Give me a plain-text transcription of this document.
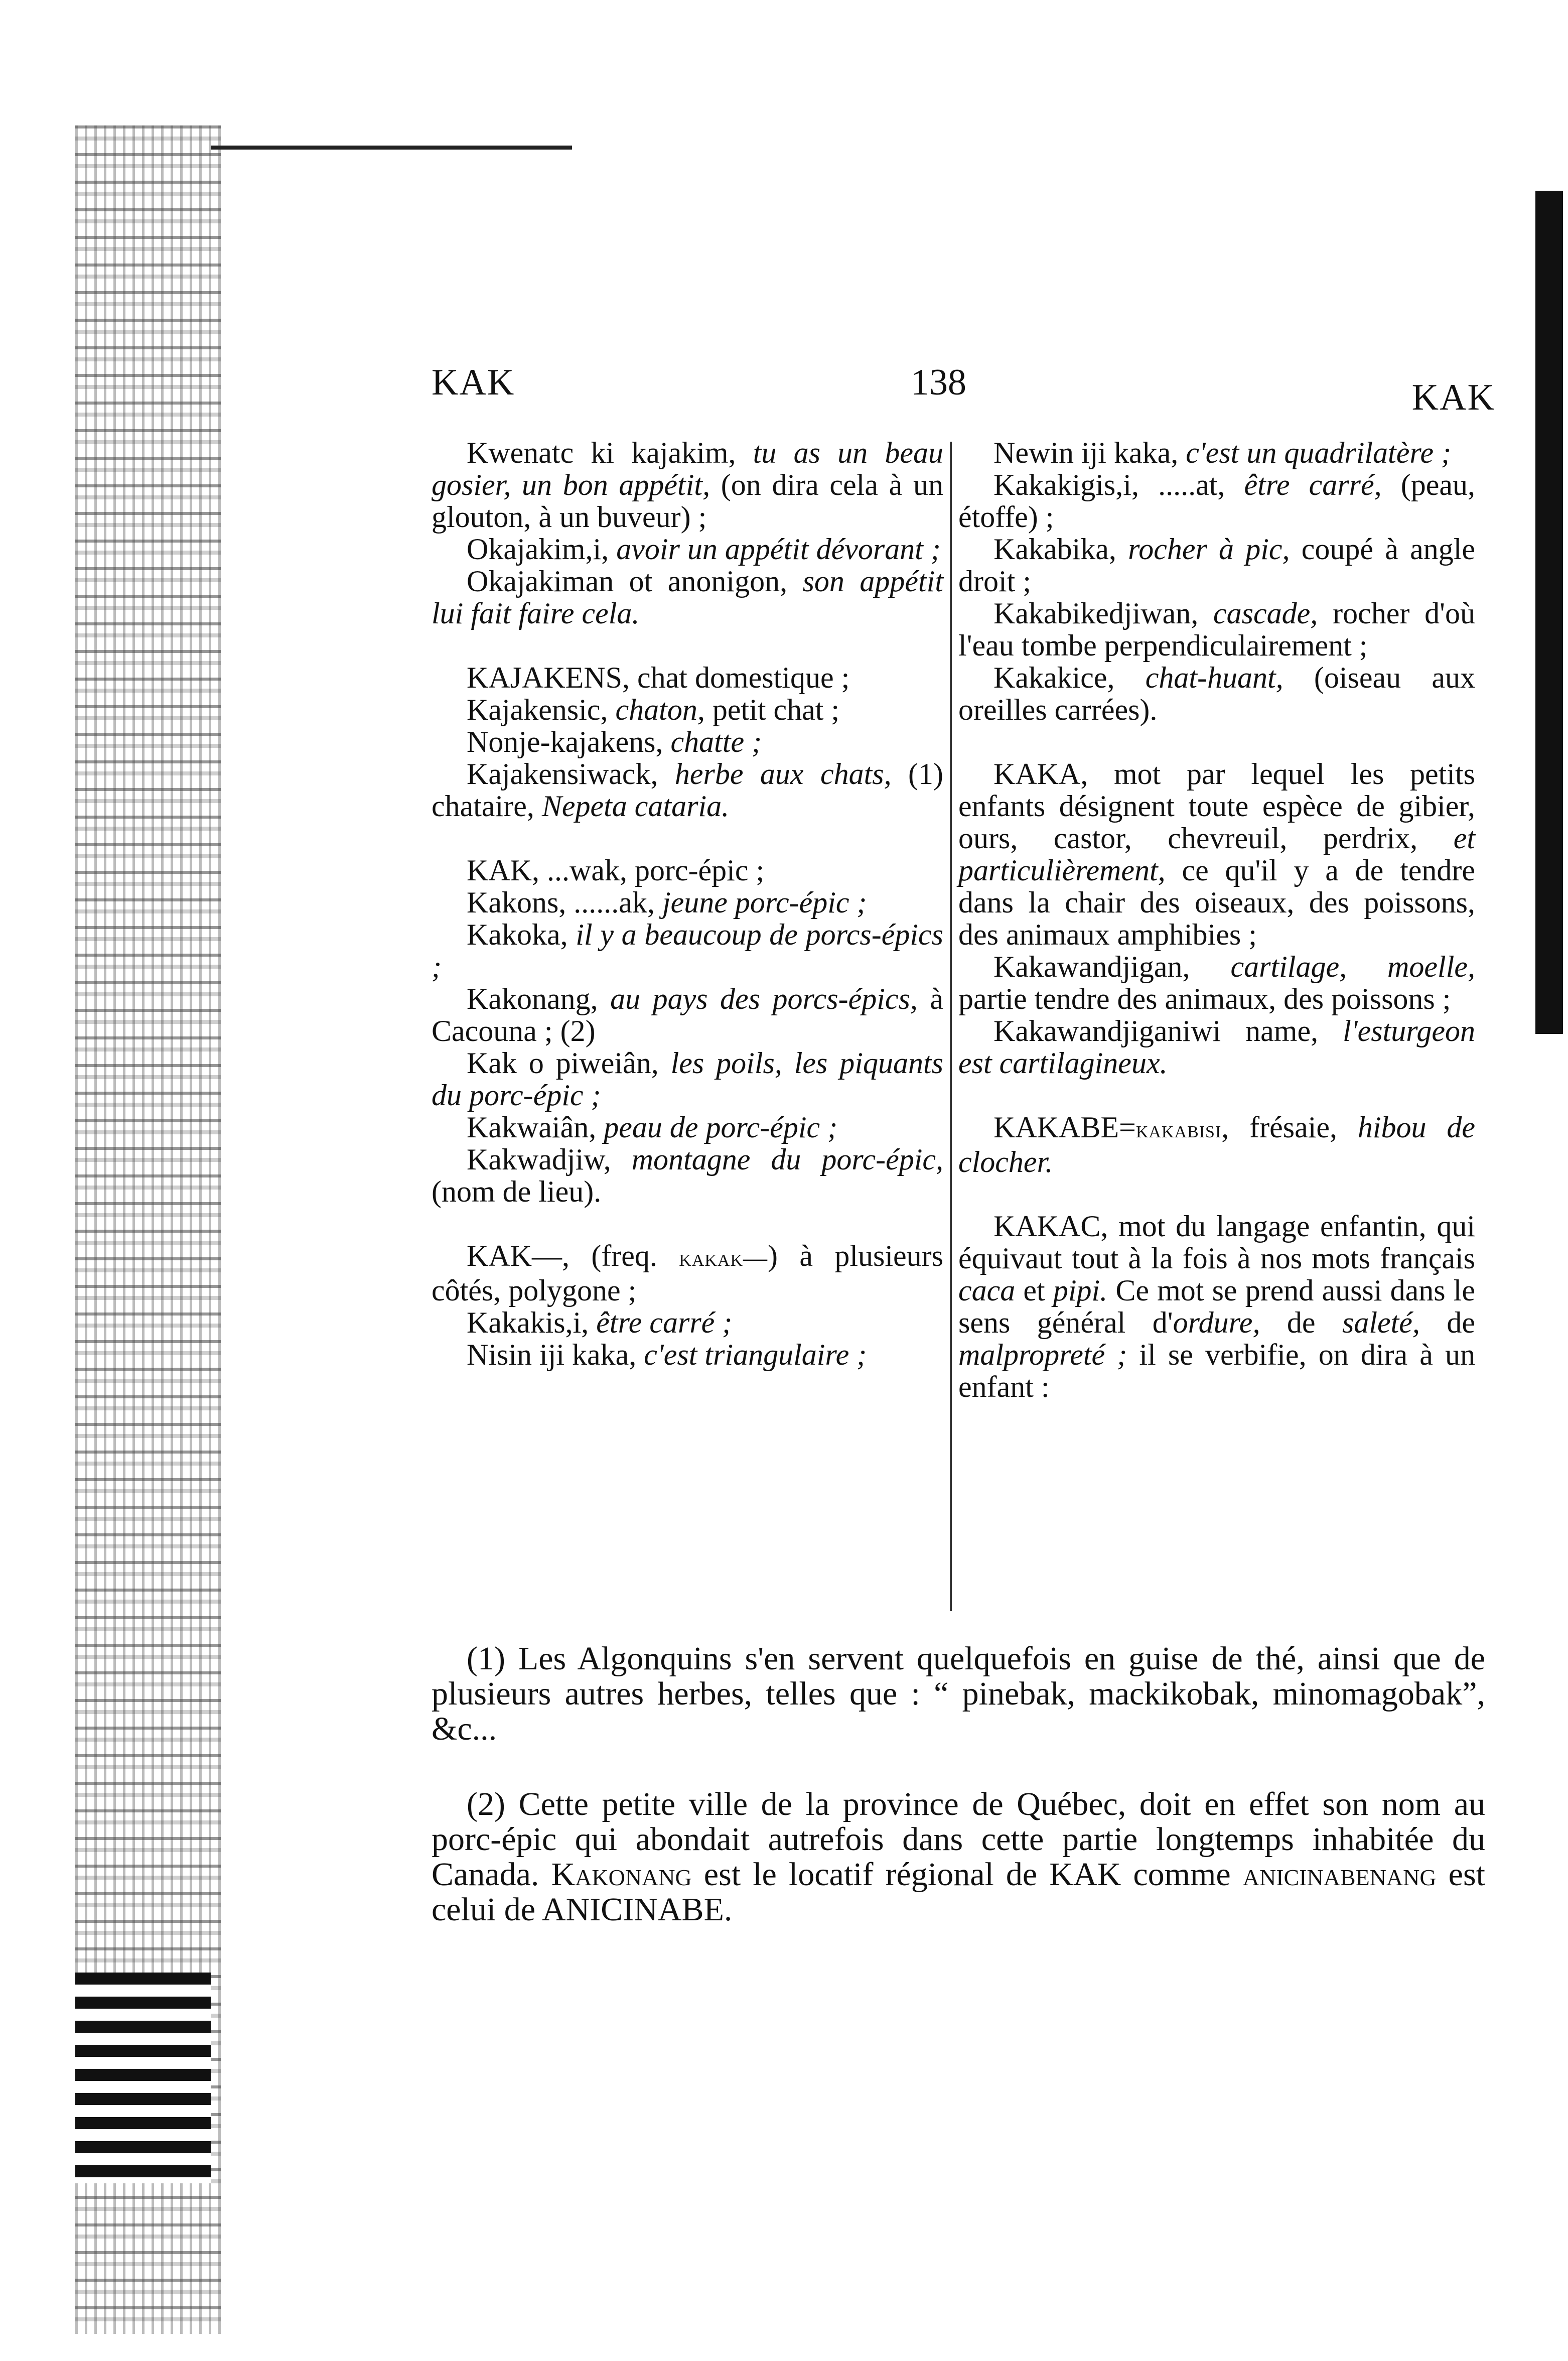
KAK	138	KAK

Kwenatc ki kajakim, tu as un beau gosier, un bon appétit, (on dira cela à un glouton, à un buveur) ;

Okajakim,i, avoir un appétit dévorant ;

Okajakiman ot anonigon, son appétit lui fait faire cela.

KAJAKENS, chat domestique ;

Kajakensic, chaton, petit chat ;

Nonje-kajakens, chatte ;

Kajakensiwack, herbe aux chats, (1) chataire, Nepeta cataria.

KAK, ...wak, porc-épic ;

Kakons, ......ak, jeune porc-épic ;

Kakoka, il y a beaucoup de porcs-épics ;

Kakonang, au pays des porcs-épics, à Cacouna ; (2)

Kak o piweiân, les poils, les piquants du porc-épic ;

Kakwaiân, peau de porc-épic ;

Kakwadjiw, montagne du porc-épic, (nom de lieu).

KAK—, (freq. kakak—) à plusieurs côtés, polygone ;

Kakakis,i, être carré ;

Nisin iji kaka, c'est triangulaire ;

Newin iji kaka, c'est un quadrilatère ;

Kakakigis,i, .....at, être carré, (peau, étoffe) ;

Kakabika, rocher à pic, coupé à angle droit ;

Kakabikedjiwan, cascade, rocher d'où l'eau tombe perpendiculairement ;

Kakakice, chat-huant, (oiseau aux oreilles carrées).

KAKA, mot par lequel les petits enfants désignent toute espèce de gibier, ours, castor, chevreuil, perdrix, et particulièrement, ce qu'il y a de tendre dans la chair des oiseaux, des poissons, des animaux amphibies ;

Kakawandjigan, cartilage, moelle, partie tendre des animaux, des poissons ;

Kakawandjiganiwi name, l'esturgeon est cartilagineux.

KAKABE=kakabisi, frésaie, hibou de clocher.

KAKAC, mot du langage enfantin, qui équivaut tout à la fois à nos mots français caca et pipi. Ce mot se prend aussi dans le sens général d'ordure, de saleté, de malpropreté ; il se verbifie, on dira à un enfant :

(1) Les Algonquins s'en servent quelquefois en guise de thé, ainsi que de plusieurs autres herbes, telles que : “ pinebak, mackikobak, minomagobak”, &c...

(2) Cette petite ville de la province de Québec, doit en effet son nom au porc-épic qui abondait autrefois dans cette partie longtemps inhabitée du Canada. Kakonang est le locatif régional de KAK comme anicinabenang est celui de ANICINABE.
